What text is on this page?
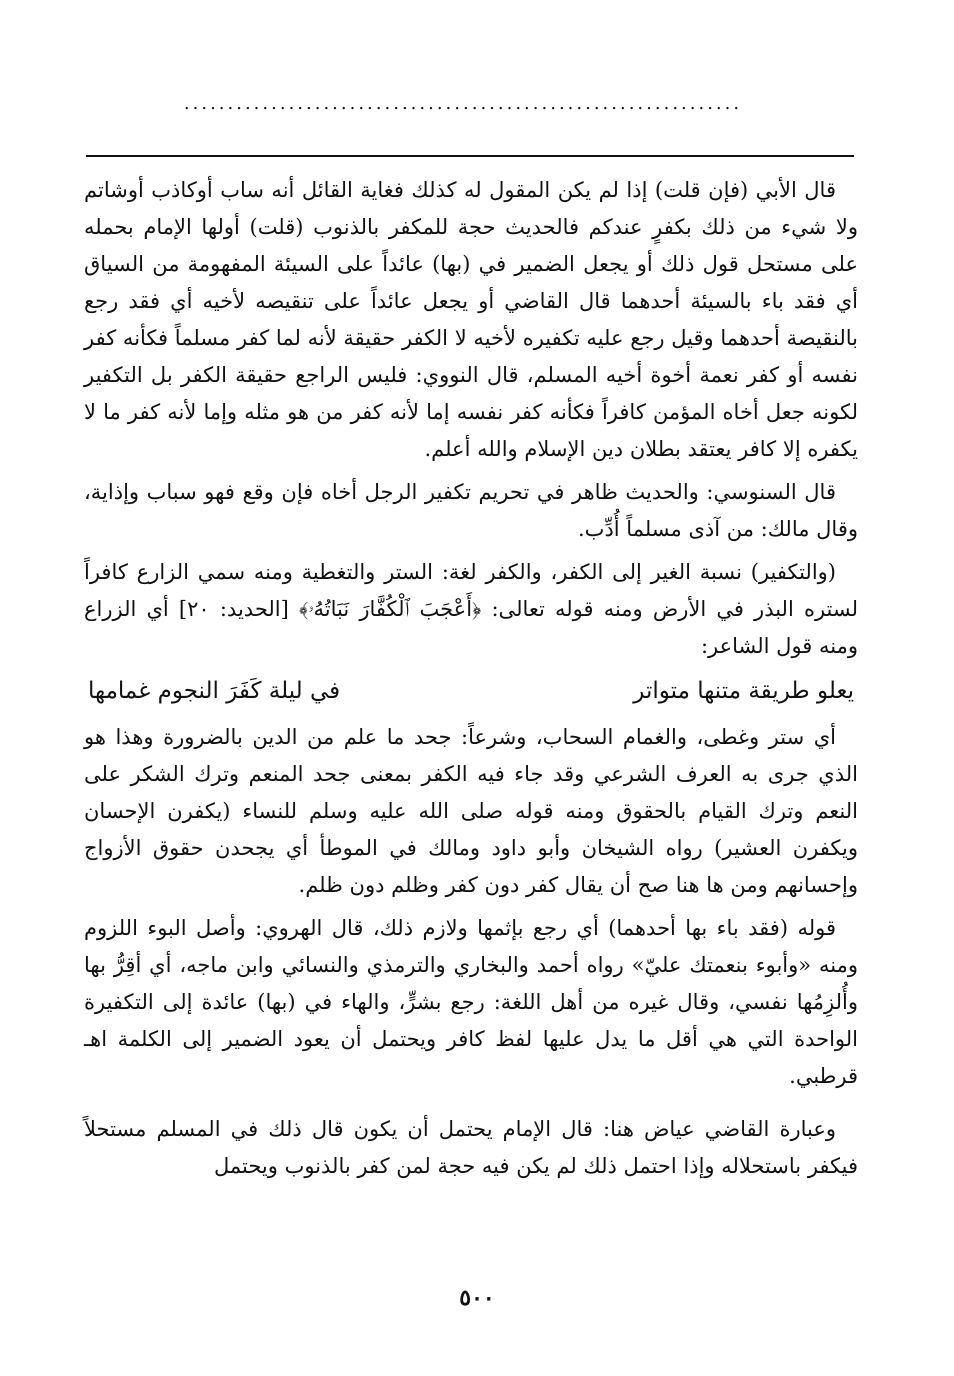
................................................................

قال الأبي (فإن قلت) إذا لم يكن المقول له كذلك فغاية القائل أنه ساب أوكاذب أوشاتم ولا شيء من ذلك بكفرٍ عندكم فالحديث حجة للمكفر بالذنوب (قلت) أولها الإمام بحمله على مستحل قول ذلك أو يجعل الضمير في (بها) عائداً على السيئة المفهومة من السياق أي فقد باء بالسيئة أحدهما قال القاضي أو يجعل عائداً على تنقيصه لأخيه أي فقد رجع بالنقيصة أحدهما وقيل رجع عليه تكفيره لأخيه لا الكفر حقيقة لأنه لما كفر مسلماً فكأنه كفر نفسه أو كفر نعمة أخوة أخيه المسلم، قال النووي: فليس الراجع حقيقة الكفر بل التكفير لكونه جعل أخاه المؤمن كافراً فكأنه كفر نفسه إما لأنه كفر من هو مثله وإما لأنه كفر ما لا يكفره إلا كافر يعتقد بطلان دين الإسلام والله أعلم.

قال السنوسي: والحديث ظاهر في تحريم تكفير الرجل أخاه فإن وقع فهو سباب وإذاية، وقال مالك: من آذى مسلماً أُدِّب.

(والتكفير) نسبة الغير إلى الكفر، والكفر لغة: الستر والتغطية ومنه سمي الزارع كافراً لستره البذر في الأرض ومنه قوله تعالى: ﴿أَعْجَبَ ٱلْكُفَّارَ نَبَاتُهُۥ﴾ [الحديد: ٢٠] أي الزراع ومنه قول الشاعر:

يعلو طريقة متنها متواتر
في ليلة كَفَرَ النجوم غمامها

أي ستر وغطى، والغمام السحاب، وشرعاً: جحد ما علم من الدين بالضرورة وهذا هو الذي جرى به العرف الشرعي وقد جاء فيه الكفر بمعنى جحد المنعم وترك الشكر على النعم وترك القيام بالحقوق ومنه قوله صلى الله عليه وسلم للنساء (يكفرن الإحسان ويكفرن العشير) رواه الشيخان وأبو داود ومالك في الموطأ أي يجحدن حقوق الأزواج وإحسانهم ومن ها هنا صح أن يقال كفر دون كفر وظلم دون ظلم.

قوله (فقد باء بها أحدهما) أي رجع بإثمها ولازم ذلك، قال الهروي: وأصل البوء اللزوم ومنه «وأبوء بنعمتك عليّ» رواه أحمد والبخاري والترمذي والنسائي وابن ماجه، أي أقِرُّ بها وأُلزِمُها نفسي، وقال غيره من أهل اللغة: رجع بشرٍّ، والهاء في (بها) عائدة إلى التكفيرة الواحدة التي هي أقل ما يدل عليها لفظ كافر ويحتمل أن يعود الضمير إلى الكلمة اهـ قرطبي.

وعبارة القاضي عياض هنا: قال الإمام يحتمل أن يكون قال ذلك في المسلم مستحلاً فيكفر باستحلاله وإذا احتمل ذلك لم يكن فيه حجة لمن كفر بالذنوب ويحتمل

٥٠٠
